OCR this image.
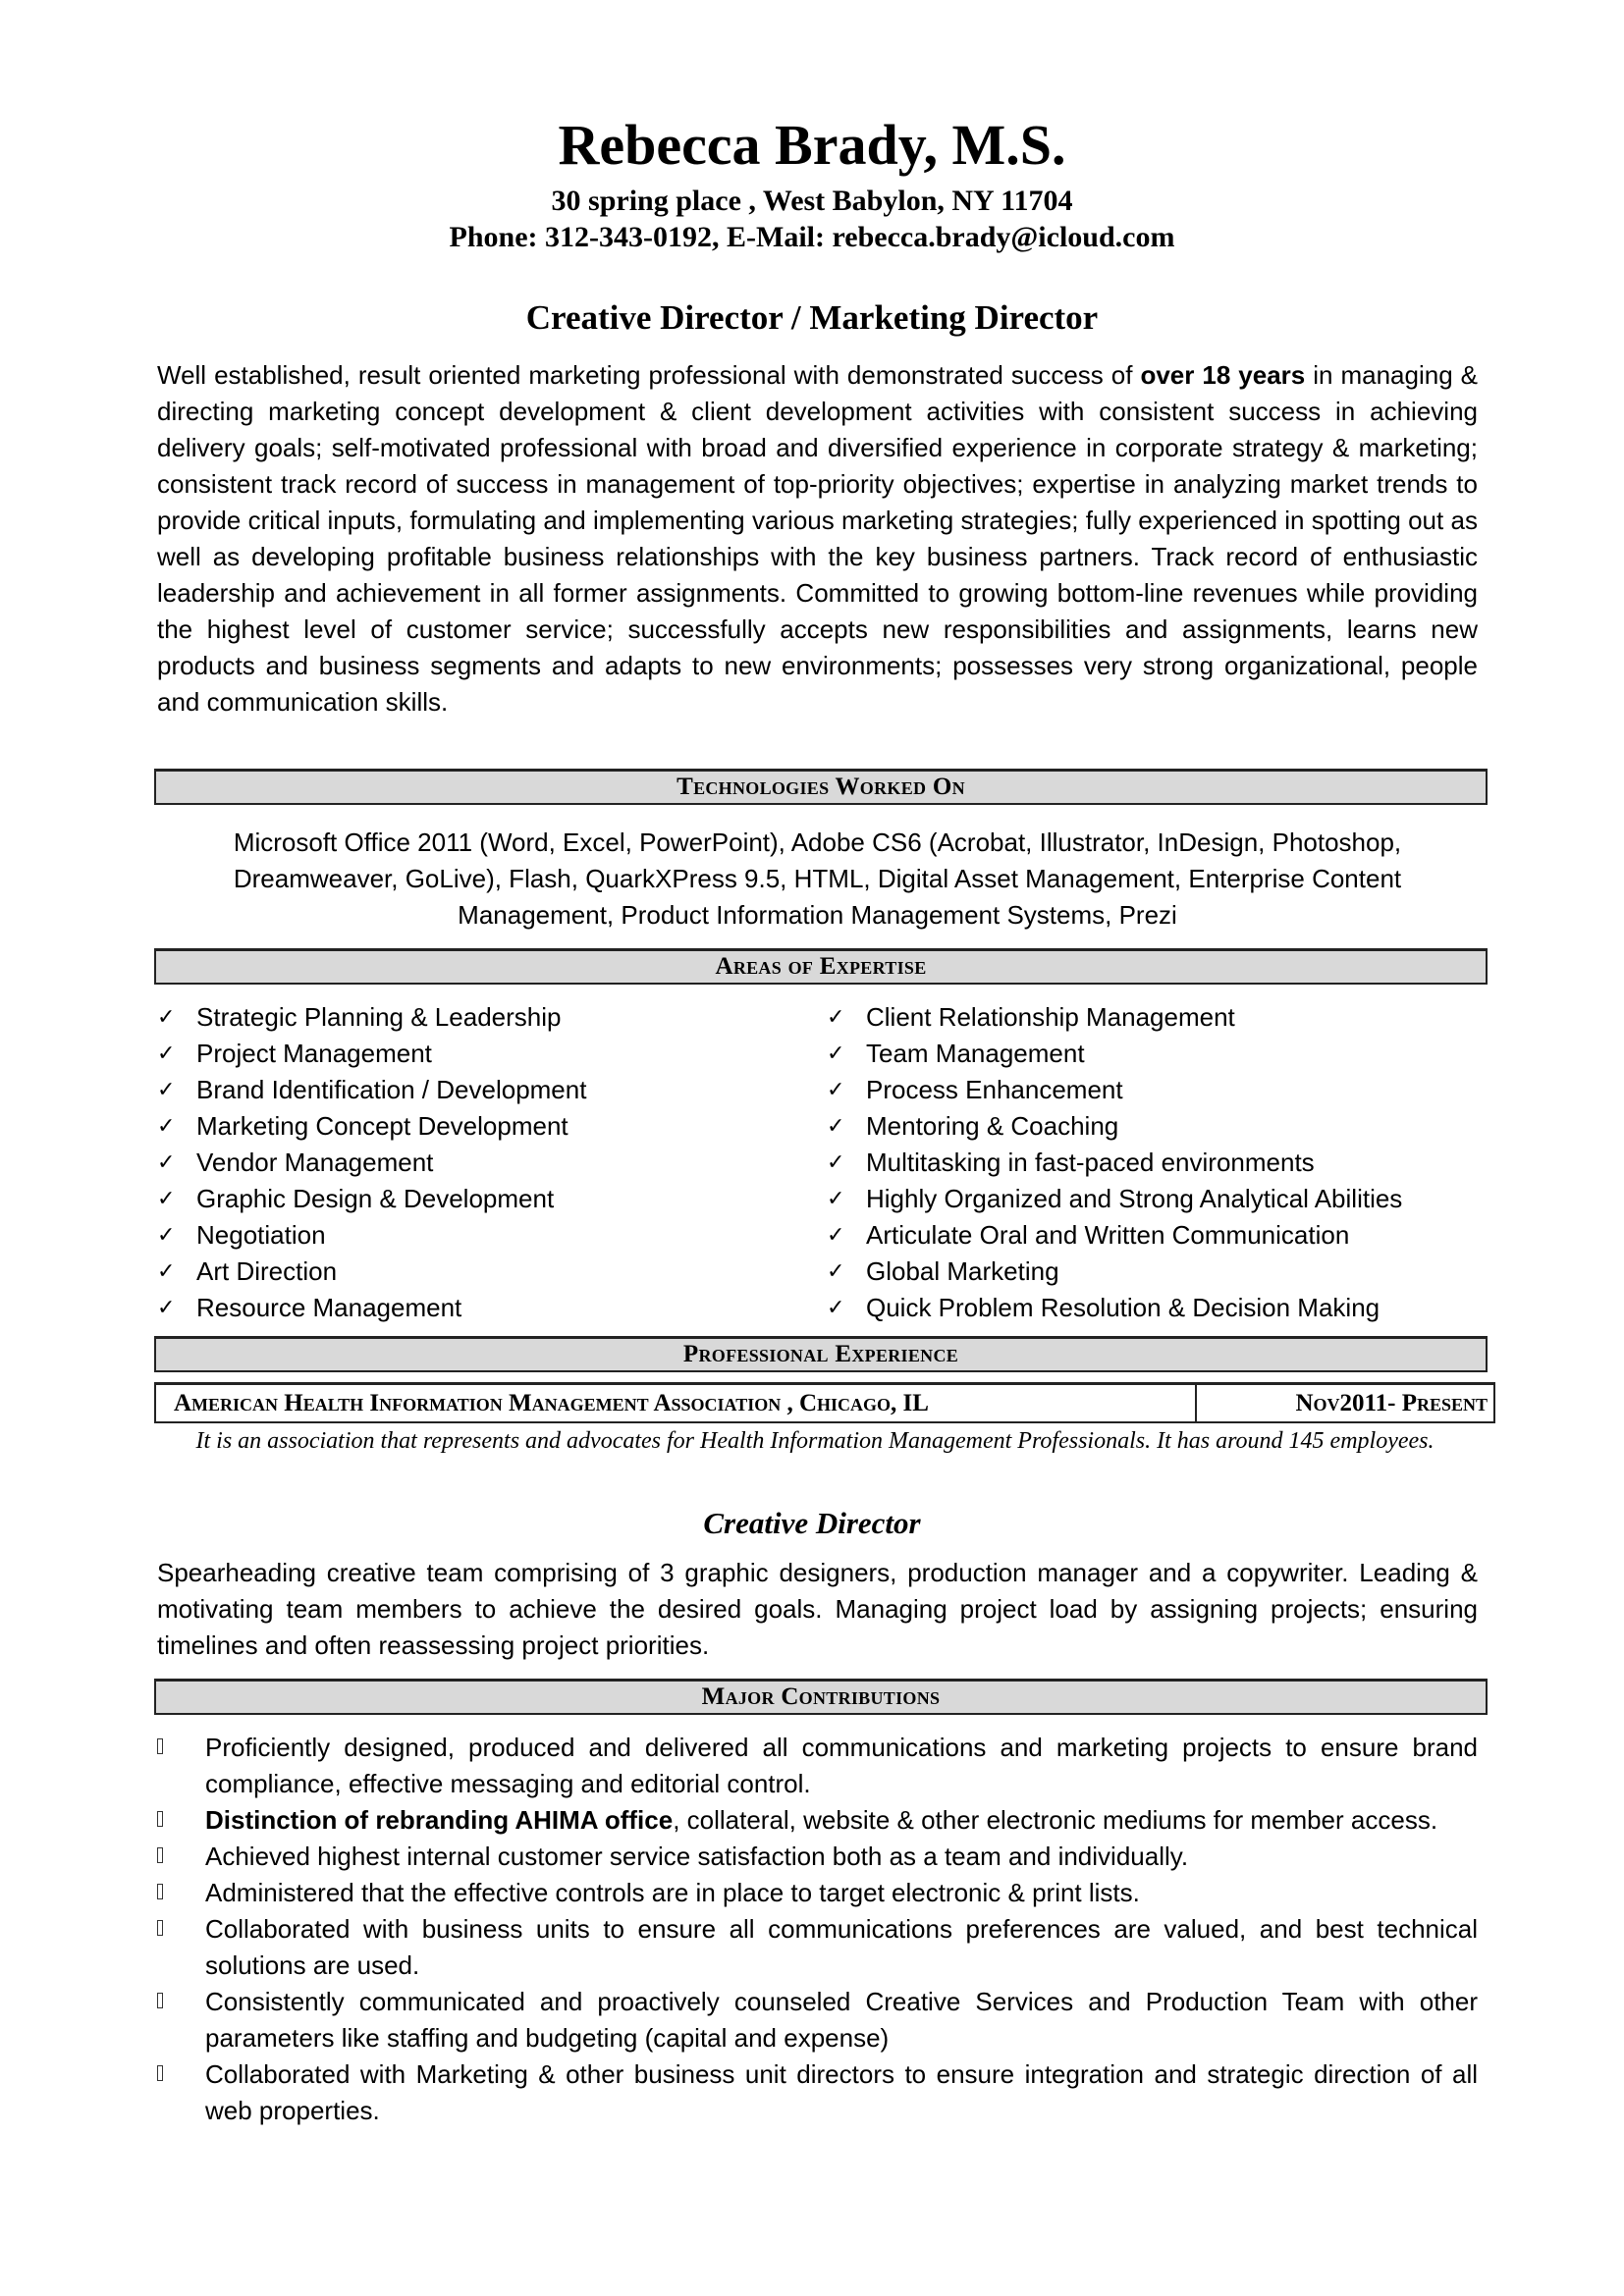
Rebecca Brady, M.S.
30 spring place , West Babylon, NY 11704
Phone: 312-343-0192, E-Mail: rebecca.brady@icloud.com
Creative Director / Marketing Director
Well established, result oriented marketing professional with demonstrated success of over 18 years in managing & directing marketing concept development & client development activities with consistent success in achieving delivery goals; self-motivated professional with broad and diversified experience in corporate strategy & marketing; consistent track record of success in management of top-priority objectives; expertise in analyzing market trends to provide critical inputs, formulating and implementing various marketing strategies; fully experienced in spotting out as well as developing profitable business relationships with the key business partners. Track record of enthusiastic leadership and achievement in all former assignments. Committed to growing bottom-line revenues while providing the highest level of customer service; successfully accepts new responsibilities and assignments, learns new products and business segments and adapts to new environments; possesses very strong organizational, people and communication skills.
Technologies Worked On
Microsoft Office 2011 (Word, Excel, PowerPoint), Adobe CS6 (Acrobat, Illustrator, InDesign, Photoshop, Dreamweaver, GoLive), Flash, QuarkXPress 9.5, HTML, Digital Asset Management, Enterprise Content Management, Product Information Management Systems, Prezi
Areas of Expertise
✓ Strategic Planning & Leadership
✓ Project Management
✓ Brand Identification / Development
✓ Marketing Concept Development
✓ Vendor Management
✓ Graphic Design & Development
✓ Negotiation
✓ Art Direction
✓ Resource Management
✓ Client Relationship Management
✓ Team Management
✓ Process Enhancement
✓ Mentoring & Coaching
✓ Multitasking in fast-paced environments
✓ Highly Organized and Strong Analytical Abilities
✓ Articulate Oral and Written Communication
✓ Global Marketing
✓ Quick Problem Resolution & Decision Making
Professional Experience
American Health Information Management Association , Chicago, IL	Nov2011- Present
It is an association that represents and advocates for Health Information Management Professionals. It has around 145 employees.
Creative Director
Spearheading creative team comprising of 3 graphic designers, production manager and a copywriter. Leading & motivating team members to achieve the desired goals. Managing project load by assigning projects; ensuring timelines and often reassessing project priorities.
Major Contributions
Proficiently designed, produced and delivered all communications and marketing projects to ensure brand compliance, effective messaging and editorial control.
Distinction of rebranding AHIMA office, collateral, website & other electronic mediums for member access.
Achieved highest internal customer service satisfaction both as a team and individually.
Administered that the effective controls are in place to target electronic & print lists.
Collaborated with business units to ensure all communications preferences are valued, and best technical solutions are used.
Consistently communicated and proactively counseled Creative Services and Production Team with other parameters like staffing and budgeting (capital and expense)
Collaborated with Marketing & other business unit directors to ensure integration and strategic direction of all web properties.
